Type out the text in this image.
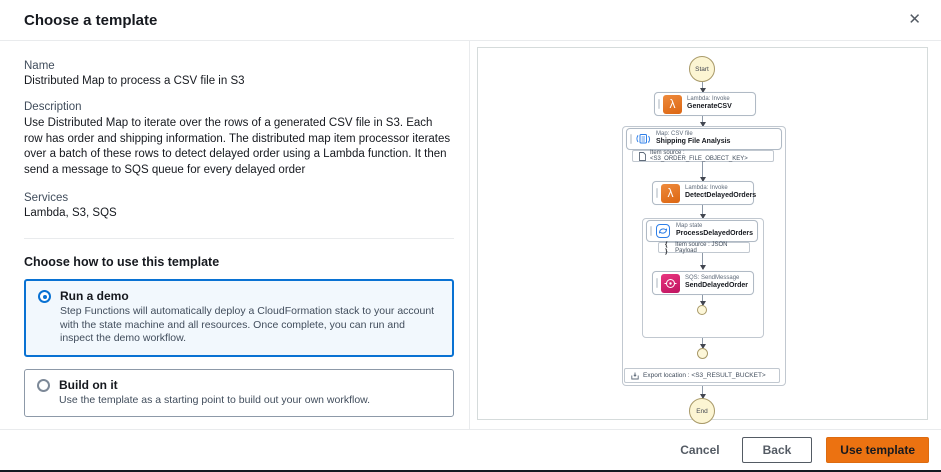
Choose a template	✕
Name
Distributed Map to process a CSV file in S3
Description
Use Distributed Map to iterate over the rows of a generated CSV file in S3. Each row has order and shipping information. The distributed map item processor iterates over a batch of these rows to detect delayed order using a Lambda function. It then send a message to SQS queue for every delayed order
Services
Lambda, S3, SQS
Choose how to use this template
Run a demo
Step Functions will automatically deploy a CloudFormation stack to your account with the state machine and all resources. Once complete, you can run and inspect the demo workflow.
Build on it
Use the template as a starting point to build out your own workflow.
Start
λ Lambda: Invoke
GenerateCSV
Map: CSV file
Shipping File Analysis
Item source : <S3_ORDER_FILE_OBJECT_KEY>
λ Lambda: Invoke
DetectDelayedOrders
Map state
ProcessDelayedOrders
{ }
Item source : JSON Payload
SQS: SendMessage
SendDelayedOrder
Export location : <S3_RESULT_BUCKET>
End
Cancel	Back	Use template
